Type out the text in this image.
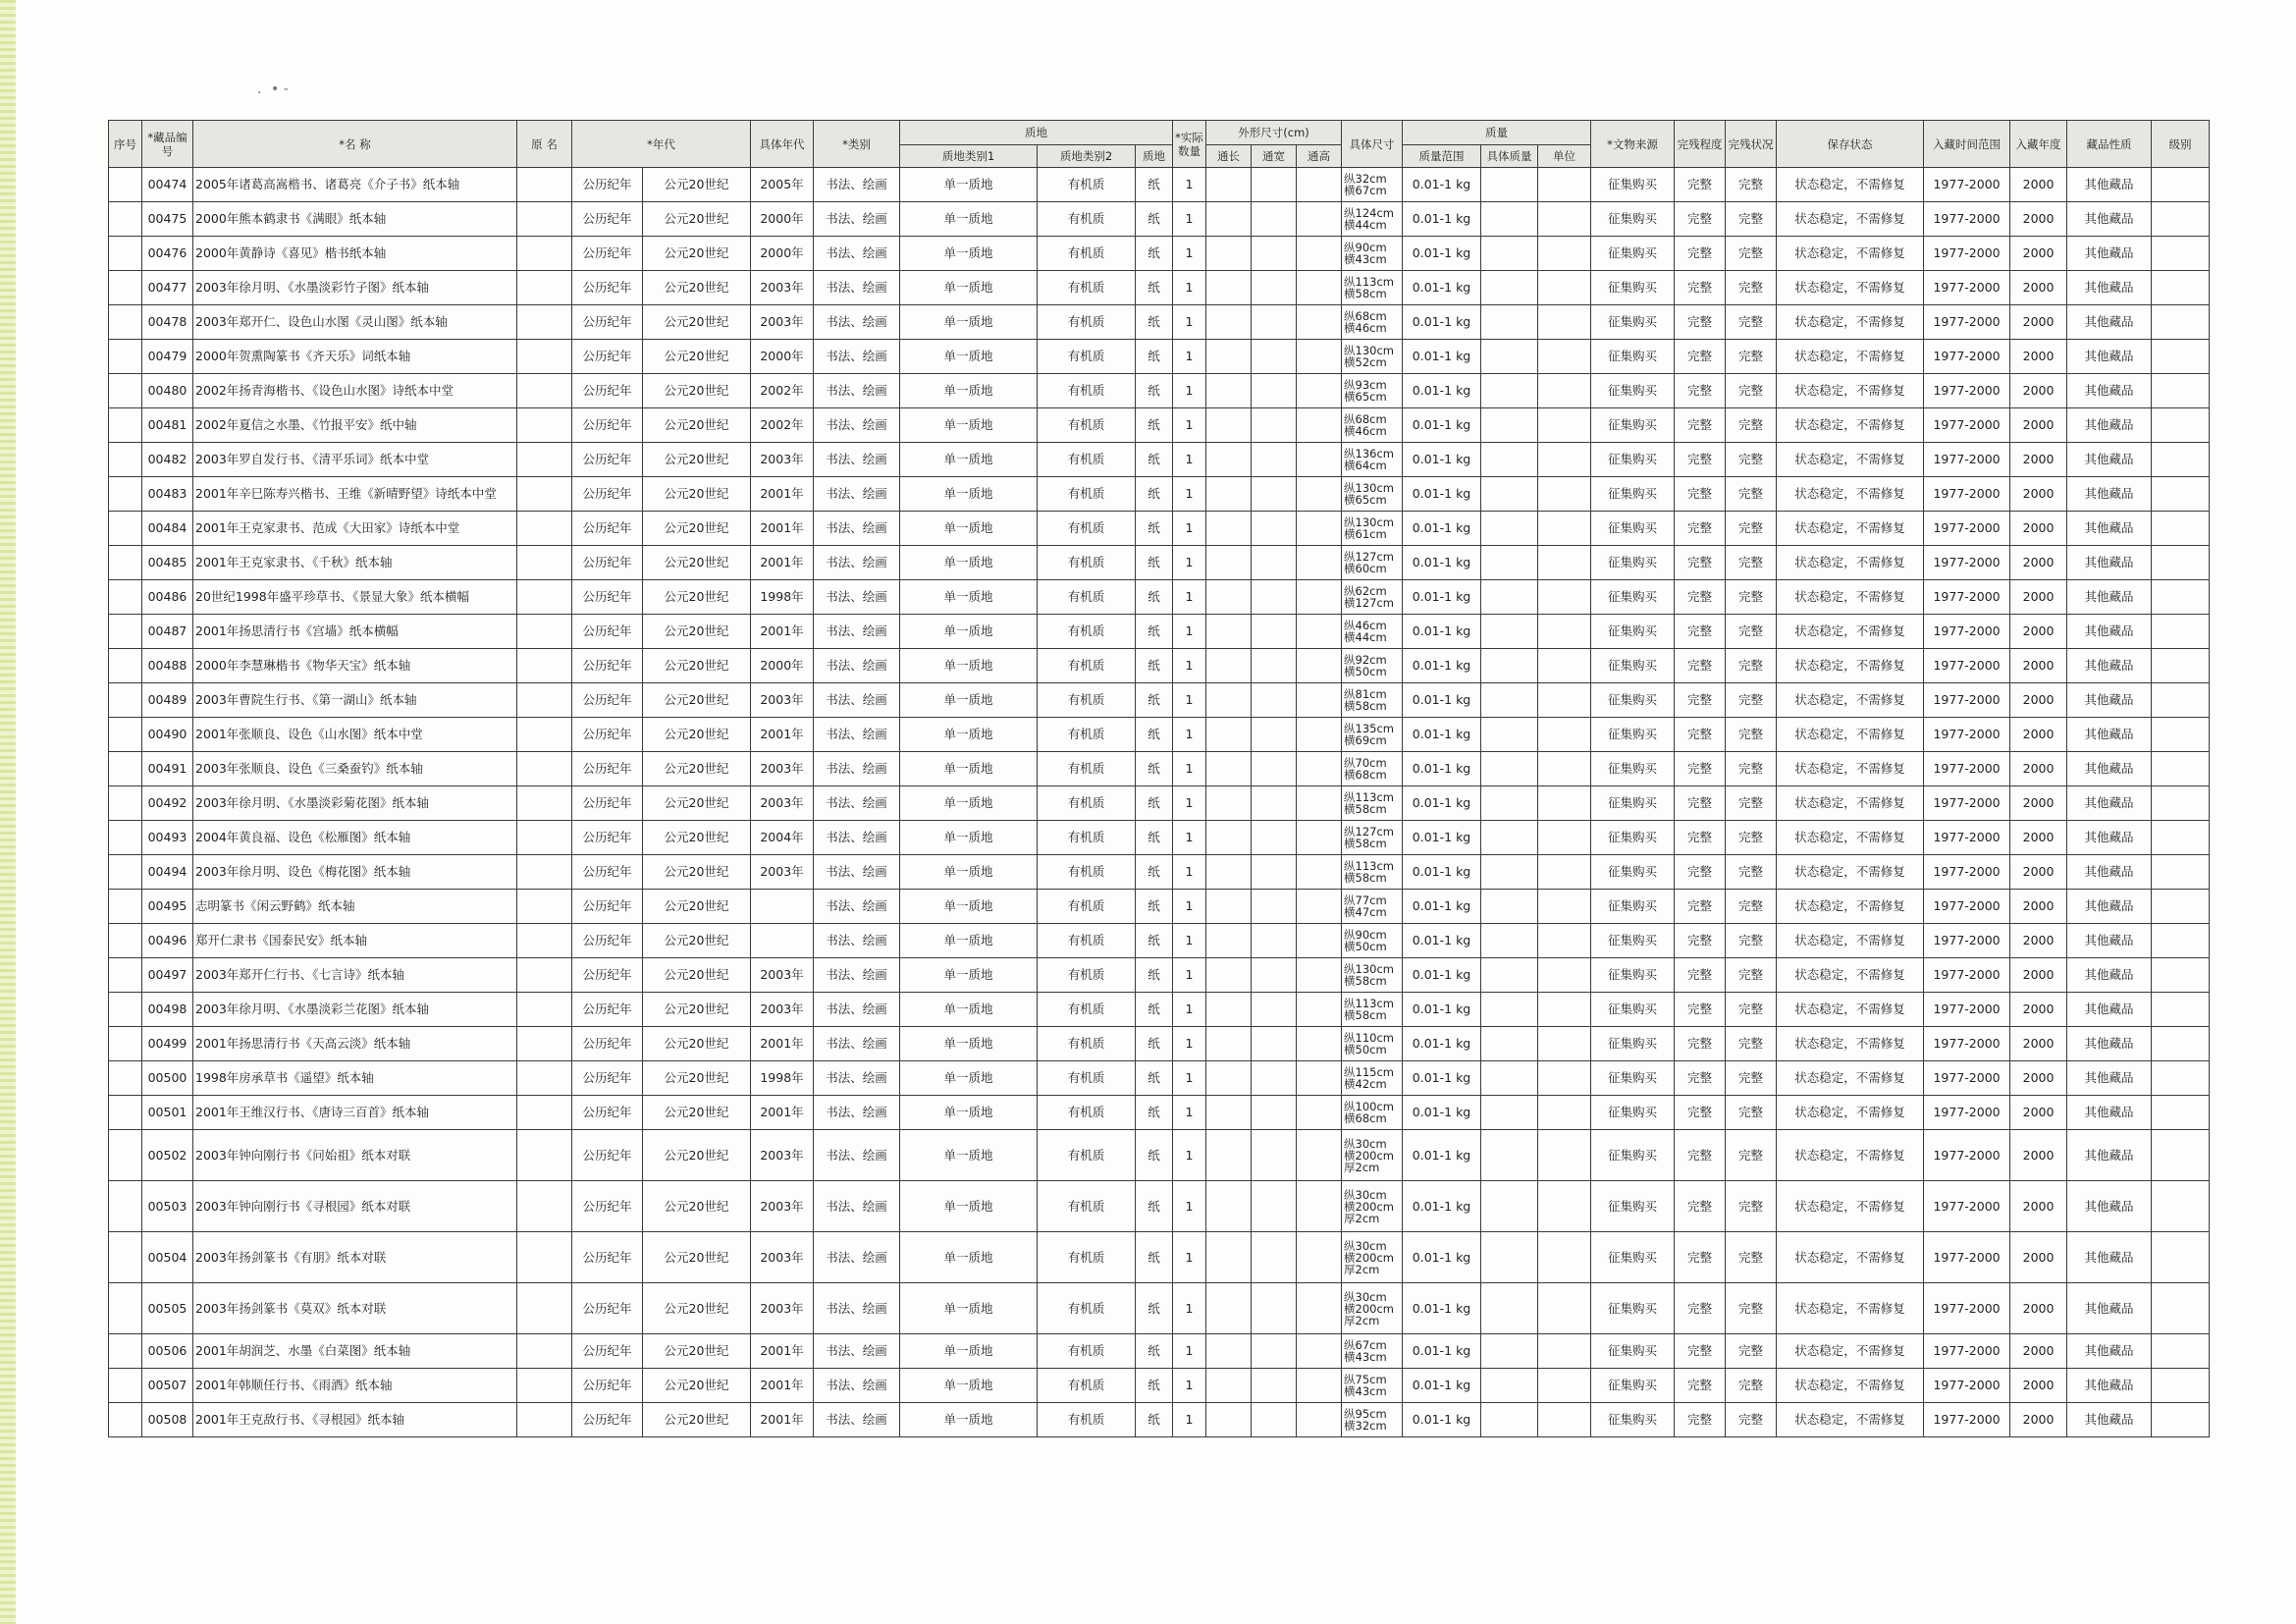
．• -
序号	*藏品编号	*名 称	原 名	*年代		具体年代	*类别	质地			*实际数量	外形尺寸(cm)			具体尺寸	质量			*文物来源	完残程度	完残状况	保存状态	入藏时间范围	入藏年度	藏品性质	级别
								质地类别1	质地类别2	质地		通长	通宽	通高		质量范围	具体质量	单位								
	00474	2005年诸葛高嵩楷书、诸葛亮《介子书》纸本轴		公历纪年	公元20世纪	2005年	书法、绘画	单一质地	有机质	纸	1				纵32cm
横67cm	0.01-1 kg			征集购买	完整	完整	状态稳定，不需修复	1977-2000	2000	其他藏品	
	00475	2000年熊本鹤隶书《满眼》纸本轴		公历纪年	公元20世纪	2000年	书法、绘画	单一质地	有机质	纸	1				纵124cm
横44cm	0.01-1 kg			征集购买	完整	完整	状态稳定，不需修复	1977-2000	2000	其他藏品	
	00476	2000年黄静诗《喜见》楷书纸本轴		公历纪年	公元20世纪	2000年	书法、绘画	单一质地	有机质	纸	1				纵90cm
横43cm	0.01-1 kg			征集购买	完整	完整	状态稳定，不需修复	1977-2000	2000	其他藏品	
	00477	2003年徐月明、《水墨淡彩竹子图》纸本轴		公历纪年	公元20世纪	2003年	书法、绘画	单一质地	有机质	纸	1				纵113cm
横58cm	0.01-1 kg			征集购买	完整	完整	状态稳定，不需修复	1977-2000	2000	其他藏品	
	00478	2003年郑开仁、设色山水图《灵山图》纸本轴		公历纪年	公元20世纪	2003年	书法、绘画	单一质地	有机质	纸	1				纵68cm
横46cm	0.01-1 kg			征集购买	完整	完整	状态稳定，不需修复	1977-2000	2000	其他藏品	
	00479	2000年贺熏陶篆书《齐天乐》词纸本轴		公历纪年	公元20世纪	2000年	书法、绘画	单一质地	有机质	纸	1				纵130cm
横52cm	0.01-1 kg			征集购买	完整	完整	状态稳定，不需修复	1977-2000	2000	其他藏品	
	00480	2002年扬青海楷书、《设色山水图》诗纸本中堂		公历纪年	公元20世纪	2002年	书法、绘画	单一质地	有机质	纸	1				纵93cm
横65cm	0.01-1 kg			征集购买	完整	完整	状态稳定，不需修复	1977-2000	2000	其他藏品	
	00481	2002年夏信之水墨、《竹报平安》纸中轴		公历纪年	公元20世纪	2002年	书法、绘画	单一质地	有机质	纸	1				纵68cm
横46cm	0.01-1 kg			征集购买	完整	完整	状态稳定，不需修复	1977-2000	2000	其他藏品	
	00482	2003年罗自发行书、《清平乐词》纸本中堂		公历纪年	公元20世纪	2003年	书法、绘画	单一质地	有机质	纸	1				纵136cm
横64cm	0.01-1 kg			征集购买	完整	完整	状态稳定，不需修复	1977-2000	2000	其他藏品	
	00483	2001年辛巳陈寿兴楷书、王维《新晴野望》诗纸本中堂		公历纪年	公元20世纪	2001年	书法、绘画	单一质地	有机质	纸	1				纵130cm
横65cm	0.01-1 kg			征集购买	完整	完整	状态稳定，不需修复	1977-2000	2000	其他藏品	
	00484	2001年王克家隶书、范成《大田家》诗纸本中堂		公历纪年	公元20世纪	2001年	书法、绘画	单一质地	有机质	纸	1				纵130cm
横61cm	0.01-1 kg			征集购买	完整	完整	状态稳定，不需修复	1977-2000	2000	其他藏品	
	00485	2001年王克家隶书、《千秋》纸本轴		公历纪年	公元20世纪	2001年	书法、绘画	单一质地	有机质	纸	1				纵127cm
横60cm	0.01-1 kg			征集购买	完整	完整	状态稳定，不需修复	1977-2000	2000	其他藏品	
	00486	20世纪1998年盛平珍草书、《景显大象》纸本横幅		公历纪年	公元20世纪	1998年	书法、绘画	单一质地	有机质	纸	1				纵62cm
横127cm	0.01-1 kg			征集购买	完整	完整	状态稳定，不需修复	1977-2000	2000	其他藏品	
	00487	2001年扬思清行书《宫墙》纸本横幅		公历纪年	公元20世纪	2001年	书法、绘画	单一质地	有机质	纸	1				纵46cm
横44cm	0.01-1 kg			征集购买	完整	完整	状态稳定，不需修复	1977-2000	2000	其他藏品	
	00488	2000年李慧琳楷书《物华天宝》纸本轴		公历纪年	公元20世纪	2000年	书法、绘画	单一质地	有机质	纸	1				纵92cm
横50cm	0.01-1 kg			征集购买	完整	完整	状态稳定，不需修复	1977-2000	2000	其他藏品	
	00489	2003年曹院生行书、《第一湖山》纸本轴		公历纪年	公元20世纪	2003年	书法、绘画	单一质地	有机质	纸	1				纵81cm
横58cm	0.01-1 kg			征集购买	完整	完整	状态稳定，不需修复	1977-2000	2000	其他藏品	
	00490	2001年张顺良、设色《山水图》纸本中堂		公历纪年	公元20世纪	2001年	书法、绘画	单一质地	有机质	纸	1				纵135cm
横69cm	0.01-1 kg			征集购买	完整	完整	状态稳定，不需修复	1977-2000	2000	其他藏品	
	00491	2003年张顺良、设色《三桑蚕钓》纸本轴		公历纪年	公元20世纪	2003年	书法、绘画	单一质地	有机质	纸	1				纵70cm
横68cm	0.01-1 kg			征集购买	完整	完整	状态稳定，不需修复	1977-2000	2000	其他藏品	
	00492	2003年徐月明、《水墨淡彩菊花图》纸本轴		公历纪年	公元20世纪	2003年	书法、绘画	单一质地	有机质	纸	1				纵113cm
横58cm	0.01-1 kg			征集购买	完整	完整	状态稳定，不需修复	1977-2000	2000	其他藏品	
	00493	2004年黄良福、设色《松雁图》纸本轴		公历纪年	公元20世纪	2004年	书法、绘画	单一质地	有机质	纸	1				纵127cm
横58cm	0.01-1 kg			征集购买	完整	完整	状态稳定，不需修复	1977-2000	2000	其他藏品	
	00494	2003年徐月明、设色《梅花图》纸本轴		公历纪年	公元20世纪	2003年	书法、绘画	单一质地	有机质	纸	1				纵113cm
横58cm	0.01-1 kg			征集购买	完整	完整	状态稳定，不需修复	1977-2000	2000	其他藏品	
	00495	志明篆书《闲云野鹤》纸本轴		公历纪年	公元20世纪		书法、绘画	单一质地	有机质	纸	1				纵77cm
横47cm	0.01-1 kg			征集购买	完整	完整	状态稳定，不需修复	1977-2000	2000	其他藏品	
	00496	郑开仁隶书《国泰民安》纸本轴		公历纪年	公元20世纪		书法、绘画	单一质地	有机质	纸	1				纵90cm
横50cm	0.01-1 kg			征集购买	完整	完整	状态稳定，不需修复	1977-2000	2000	其他藏品	
	00497	2003年郑开仁行书、《七言诗》纸本轴		公历纪年	公元20世纪	2003年	书法、绘画	单一质地	有机质	纸	1				纵130cm
横58cm	0.01-1 kg			征集购买	完整	完整	状态稳定，不需修复	1977-2000	2000	其他藏品	
	00498	2003年徐月明、《水墨淡彩兰花图》纸本轴		公历纪年	公元20世纪	2003年	书法、绘画	单一质地	有机质	纸	1				纵113cm
横58cm	0.01-1 kg			征集购买	完整	完整	状态稳定，不需修复	1977-2000	2000	其他藏品	
	00499	2001年扬思清行书《天高云淡》纸本轴		公历纪年	公元20世纪	2001年	书法、绘画	单一质地	有机质	纸	1				纵110cm
横50cm	0.01-1 kg			征集购买	完整	完整	状态稳定，不需修复	1977-2000	2000	其他藏品	
	00500	1998年房承草书《遥望》纸本轴		公历纪年	公元20世纪	1998年	书法、绘画	单一质地	有机质	纸	1				纵115cm
横42cm	0.01-1 kg			征集购买	完整	完整	状态稳定，不需修复	1977-2000	2000	其他藏品	
	00501	2001年王维汉行书、《唐诗三百首》纸本轴		公历纪年	公元20世纪	2001年	书法、绘画	单一质地	有机质	纸	1				纵100cm
横68cm	0.01-1 kg			征集购买	完整	完整	状态稳定，不需修复	1977-2000	2000	其他藏品	
	00502	2003年钟向刚行书《问始祖》纸本对联		公历纪年	公元20世纪	2003年	书法、绘画	单一质地	有机质	纸	1				纵30cm
横200cm
厚2cm	0.01-1 kg			征集购买	完整	完整	状态稳定，不需修复	1977-2000	2000	其他藏品	
	00503	2003年钟向刚行书《寻根园》纸本对联		公历纪年	公元20世纪	2003年	书法、绘画	单一质地	有机质	纸	1				纵30cm
横200cm
厚2cm	0.01-1 kg			征集购买	完整	完整	状态稳定，不需修复	1977-2000	2000	其他藏品	
	00504	2003年扬剑篆书《有朋》纸本对联		公历纪年	公元20世纪	2003年	书法、绘画	单一质地	有机质	纸	1				纵30cm
横200cm
厚2cm	0.01-1 kg			征集购买	完整	完整	状态稳定，不需修复	1977-2000	2000	其他藏品	
	00505	2003年扬剑篆书《莫双》纸本对联		公历纪年	公元20世纪	2003年	书法、绘画	单一质地	有机质	纸	1				纵30cm
横200cm
厚2cm	0.01-1 kg			征集购买	完整	完整	状态稳定，不需修复	1977-2000	2000	其他藏品	
	00506	2001年胡润芝、水墨《白菜图》纸本轴		公历纪年	公元20世纪	2001年	书法、绘画	单一质地	有机质	纸	1				纵67cm
横43cm	0.01-1 kg			征集购买	完整	完整	状态稳定，不需修复	1977-2000	2000	其他藏品	
	00507	2001年韩顺任行书、《雨酒》纸本轴		公历纪年	公元20世纪	2001年	书法、绘画	单一质地	有机质	纸	1				纵75cm
横43cm	0.01-1 kg			征集购买	完整	完整	状态稳定，不需修复	1977-2000	2000	其他藏品	
	00508	2001年王克敌行书、《寻根园》纸本轴		公历纪年	公元20世纪	2001年	书法、绘画	单一质地	有机质	纸	1				纵95cm
横32cm	0.01-1 kg			征集购买	完整	完整	状态稳定，不需修复	1977-2000	2000	其他藏品	
